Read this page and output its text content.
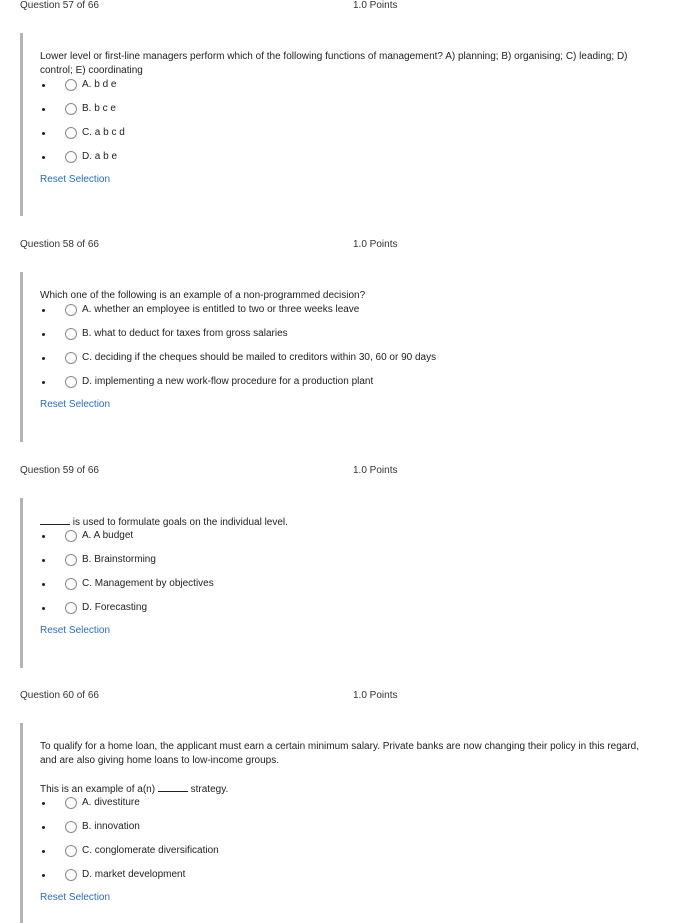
Question 57 of 66	1.0 Points
Lower level or first-line managers perform which of the following functions of management? A) planning; B) organising; C) leading; D) control; E) coordinating
A. b d e
B. b c e
C. a b c d
D. a b e
Reset Selection
Question 58 of 66	1.0 Points
Which one of the following is an example of a non-programmed decision?
A. whether an employee is entitled to two or three weeks leave
B. what to deduct for taxes from gross salaries
C. deciding if the cheques should be mailed to creditors within 30, 60 or 90 days
D. implementing a new work-flow procedure for a production plant
Reset Selection
Question 59 of 66	1.0 Points
is used to formulate goals on the individual level.
A. A budget
B. Brainstorming
C. Management by objectives
D. Forecasting
Reset Selection
Question 60 of 66	1.0 Points
To qualify for a home loan, the applicant must earn a certain minimum salary. Private banks are now changing their policy in this regard, and are also giving home loans to low-income groups.
This is an example of a(n)	strategy.
A. divestiture
B. innovation
C. conglomerate diversification
D. market development
Reset Selection
